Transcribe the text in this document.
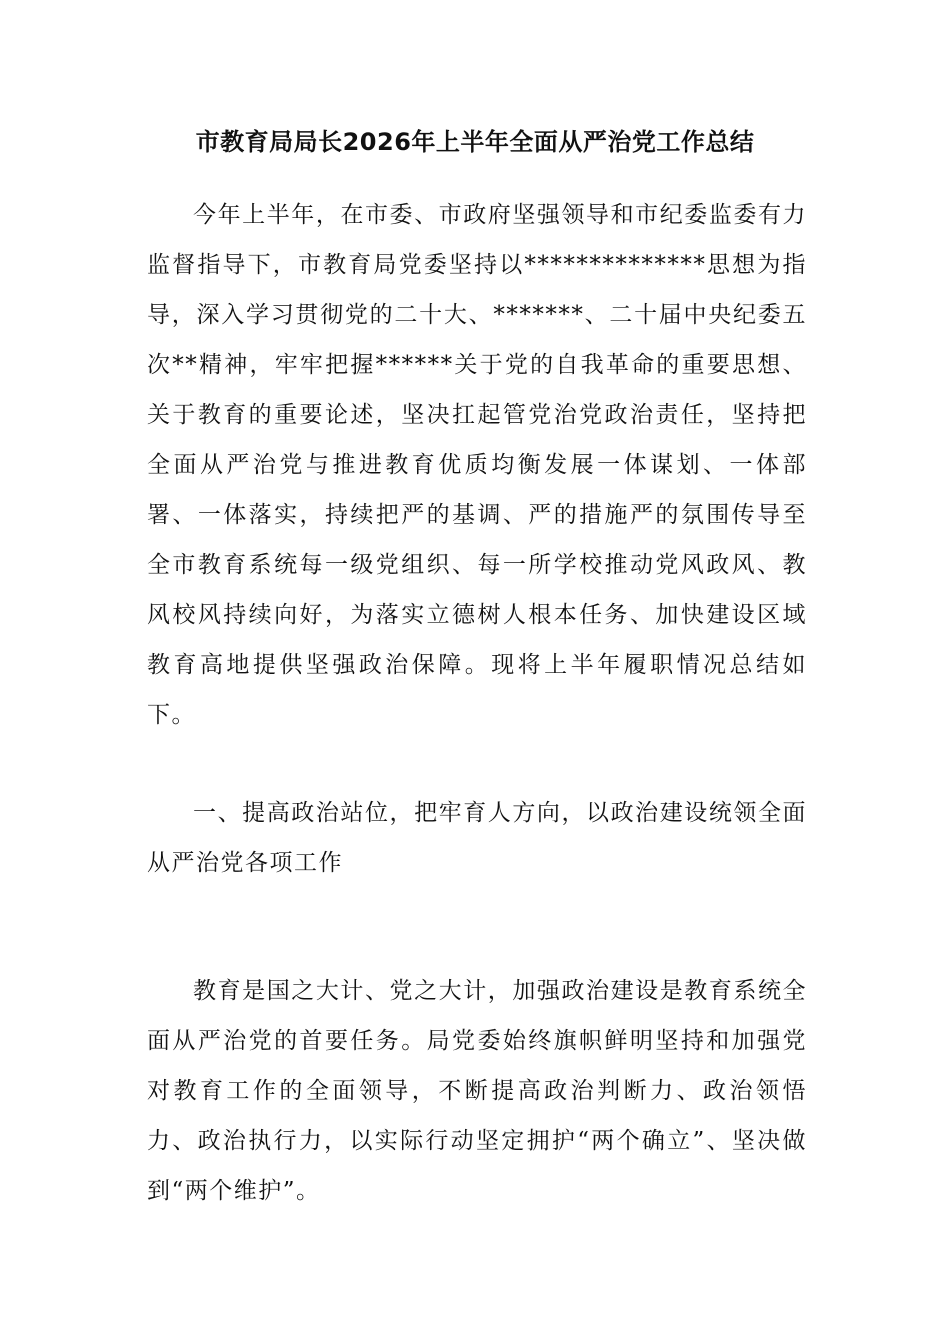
市教育局局长2026年上半年全面从严治党工作总结

今年上半年，在市委、市政府坚强领导和市纪委监委有力监督指导下，市教育局党委坚持以**************思想为指导，深入学习贯彻党的二十大、*******、二十届中央纪委五次**精神，牢牢把握******关于党的自我革命的重要思想、关于教育的重要论述，坚决扛起管党治党政治责任，坚持把全面从严治党与推进教育优质均衡发展一体谋划、一体部署、一体落实，持续把严的基调、严的措施严的氛围传导至全市教育系统每一级党组织、每一所学校推动党风政风、教风校风持续向好，为落实立德树人根本任务、加快建设区域教育高地提供坚强政治保障。现将上半年履职情况总结如下。

一、提高政治站位，把牢育人方向，以政治建设统领全面从严治党各项工作

教育是国之大计、党之大计，加强政治建设是教育系统全面从严治党的首要任务。局党委始终旗帜鲜明坚持和加强党对教育工作的全面领导，不断提高政治判断力、政治领悟力、政治执行力，以实际行动坚定拥护“两个确立”、坚决做到“两个维护”。
